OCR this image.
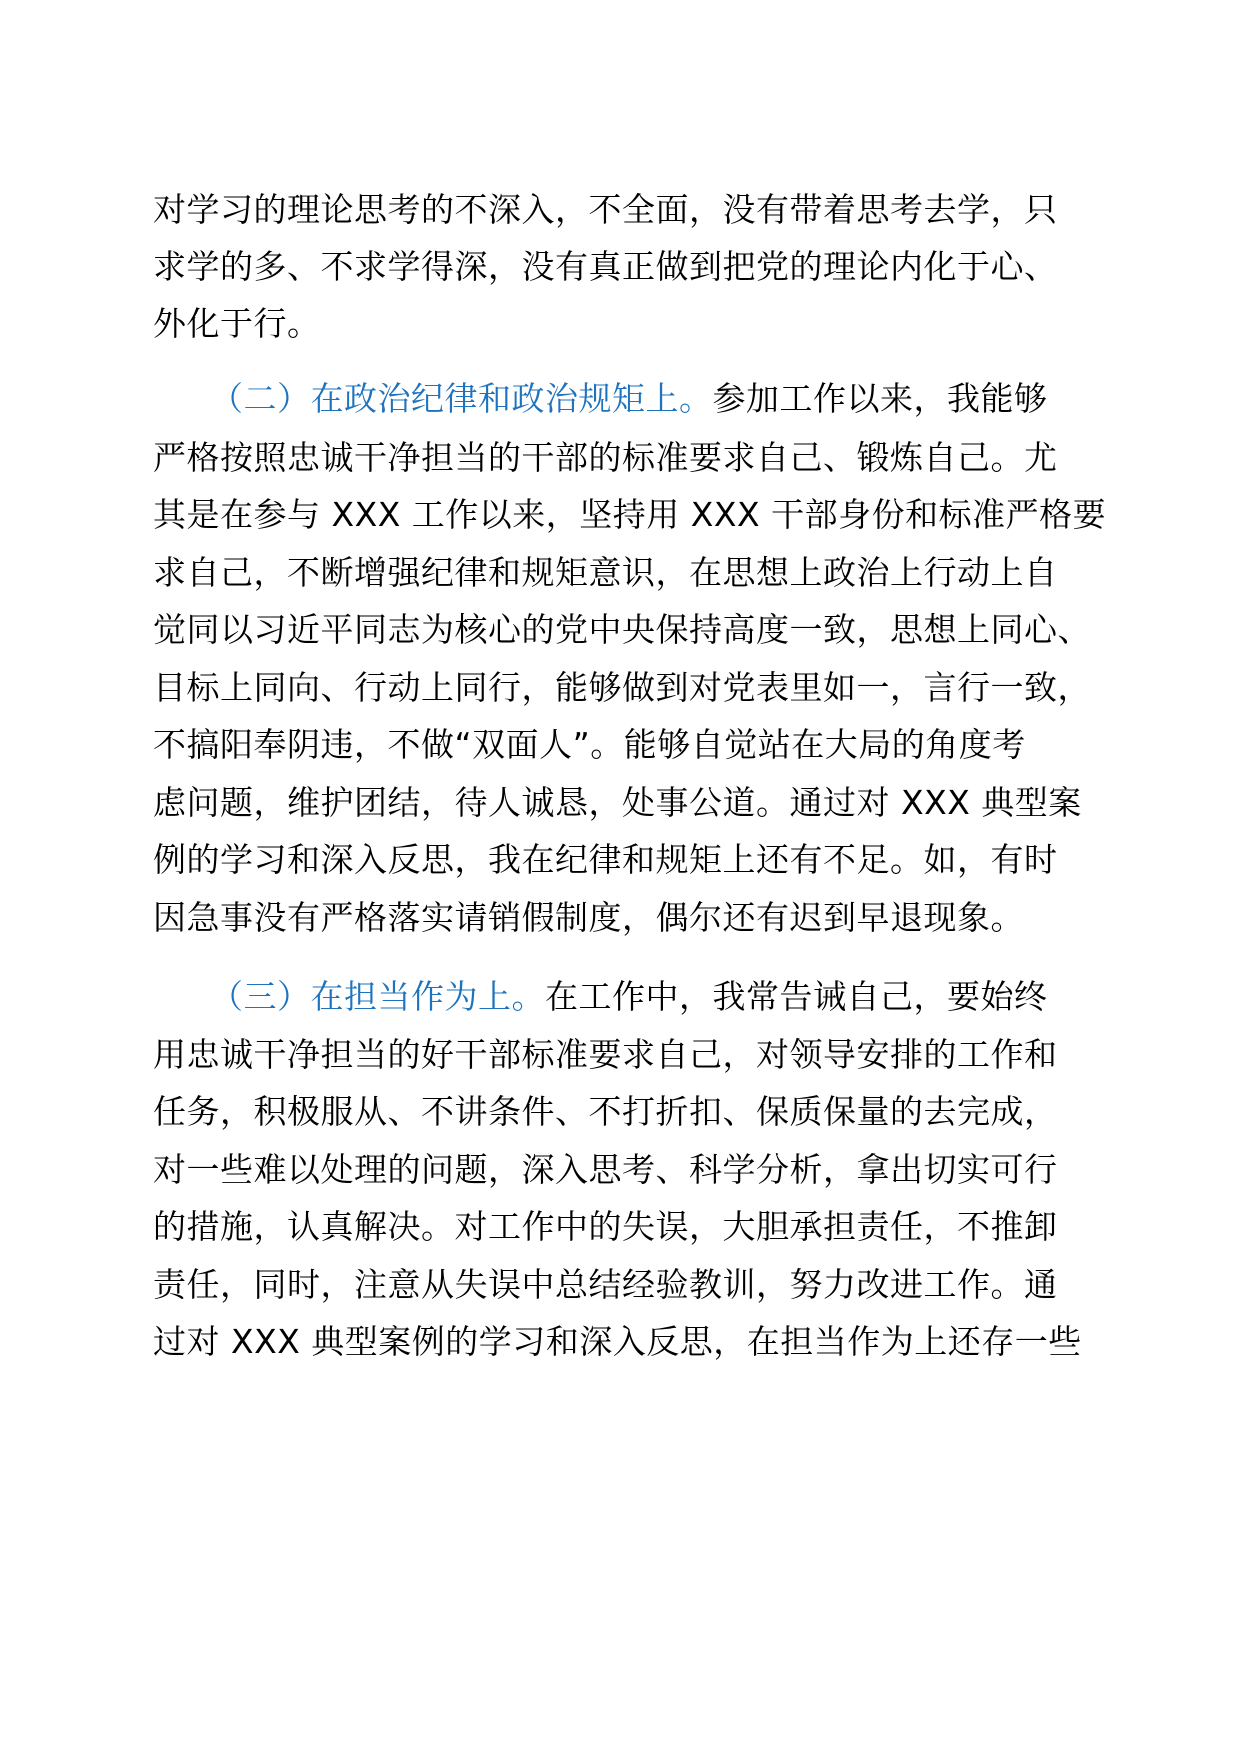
对学习的理论思考的不深入，不全面，没有带着思考去学，只
求学的多、不求学得深，没有真正做到把党的理论内化于心、
外化于行。
（二）在政治纪律和政治规矩上。参加工作以来，我能够
严格按照忠诚干净担当的干部的标准要求自己、锻炼自己。尤
其是在参与 XXX 工作以来，坚持用 XXX 干部身份和标准严格要
求自己，不断增强纪律和规矩意识，在思想上政治上行动上自
觉同以习近平同志为核心的党中央保持高度一致，思想上同心、
目标上同向、行动上同行，能够做到对党表里如一，言行一致，
不搞阳奉阴违，不做“双面人”。能够自觉站在大局的角度考
虑问题，维护团结，待人诚恳，处事公道。通过对 XXX 典型案
例的学习和深入反思，我在纪律和规矩上还有不足。如，有时
因急事没有严格落实请销假制度，偶尔还有迟到早退现象。
（三）在担当作为上。在工作中，我常告诫自己，要始终
用忠诚干净担当的好干部标准要求自己，对领导安排的工作和
任务，积极服从、不讲条件、不打折扣、保质保量的去完成，
对一些难以处理的问题，深入思考、科学分析，拿出切实可行
的措施，认真解决。对工作中的失误，大胆承担责任，不推卸
责任，同时，注意从失误中总结经验教训，努力改进工作。通
过对 XXX 典型案例的学习和深入反思，在担当作为上还存一些
